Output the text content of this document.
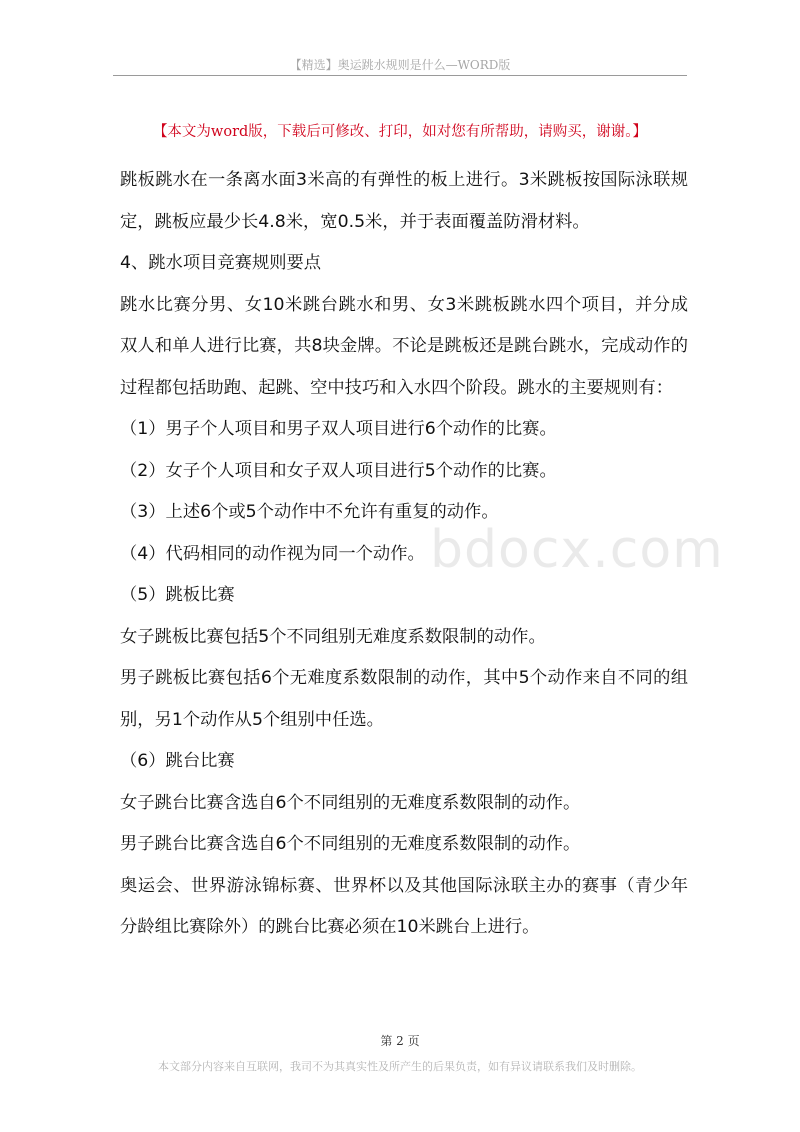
【精选】奥运跳水规则是什么—WORD版
【本文为word版，下载后可修改、打印，如对您有所帮助，请购买，谢谢。】
bdocx.com

跳板跳水在一条离水面3米高的有弹性的板上进行。3米跳板按国际泳联规定，跳板应最少长4.8米，宽0.5米，并于表面覆盖防滑材料。

4、跳水项目竞赛规则要点

跳水比赛分男、女10米跳台跳水和男、女3米跳板跳水四个项目，并分成双人和单人进行比赛，共8块金牌。不论是跳板还是跳台跳水，完成动作的过程都包括助跑、起跳、空中技巧和入水四个阶段。跳水的主要规则有：

（1）男子个人项目和男子双人项目进行6个动作的比赛。

（2）女子个人项目和女子双人项目进行5个动作的比赛。

（3）上述6个或5个动作中不允许有重复的动作。

（4）代码相同的动作视为同一个动作。

（5）跳板比赛

女子跳板比赛包括5个不同组别无难度系数限制的动作。

男子跳板比赛包括6个无难度系数限制的动作，其中5个动作来自不同的组别，另1个动作从5个组别中任选。

（6）跳台比赛

女子跳台比赛含选自6个不同组别的无难度系数限制的动作。

男子跳台比赛含选自6个不同组别的无难度系数限制的动作。

奥运会、世界游泳锦标赛、世界杯以及其他国际泳联主办的赛事（青少年分龄组比赛除外）的跳台比赛必须在10米跳台上进行。

第 2 页
本文部分内容来自互联网，我司不为其真实性及所产生的后果负责，如有异议请联系我们及时删除。
